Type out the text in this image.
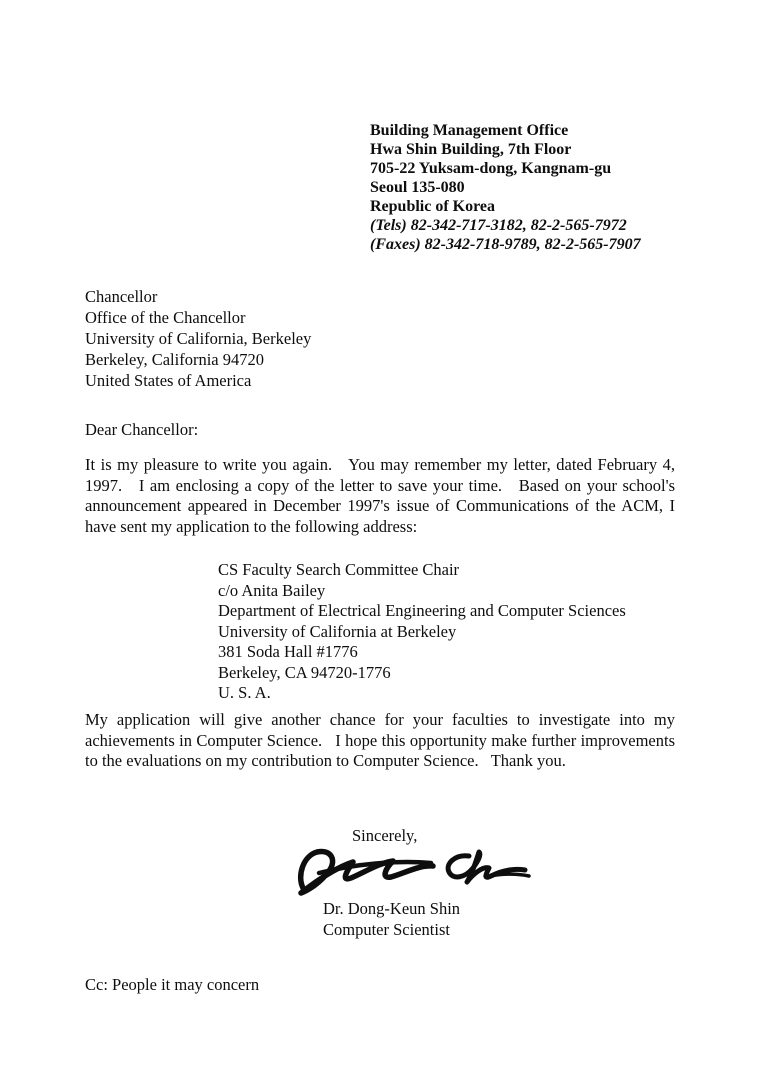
Building Management Office
Hwa Shin Building, 7th Floor
705-22 Yuksam-dong, Kangnam-gu
Seoul 135-080
Republic of Korea
(Tels) 82-342-717-3182, 82-2-565-7972
(Faxes) 82-342-718-9789, 82-2-565-7907
Chancellor
Office of the Chancellor
University of California, Berkeley
Berkeley, California 94720
United States of America
Dear Chancellor:
It is my pleasure to write you again.   You may remember my letter, dated February 4, 1997.   I am enclosing a copy of the letter to save your time.   Based on your school's announcement appeared in December 1997's issue of Communications of the ACM, I have sent my application to the following address:
CS Faculty Search Committee Chair
c/o Anita Bailey
Department of Electrical Engineering and Computer Sciences
University of California at Berkeley
381 Soda Hall #1776
Berkeley, CA 94720-1776
U. S. A.
My application will give another chance for your faculties to investigate into my achievements in Computer Science.   I hope this opportunity make further improvements to the evaluations on my contribution to Computer Science.   Thank you.
Sincerely,
Dr. Dong-Keun Shin
Computer Scientist
Cc: People it may concern
